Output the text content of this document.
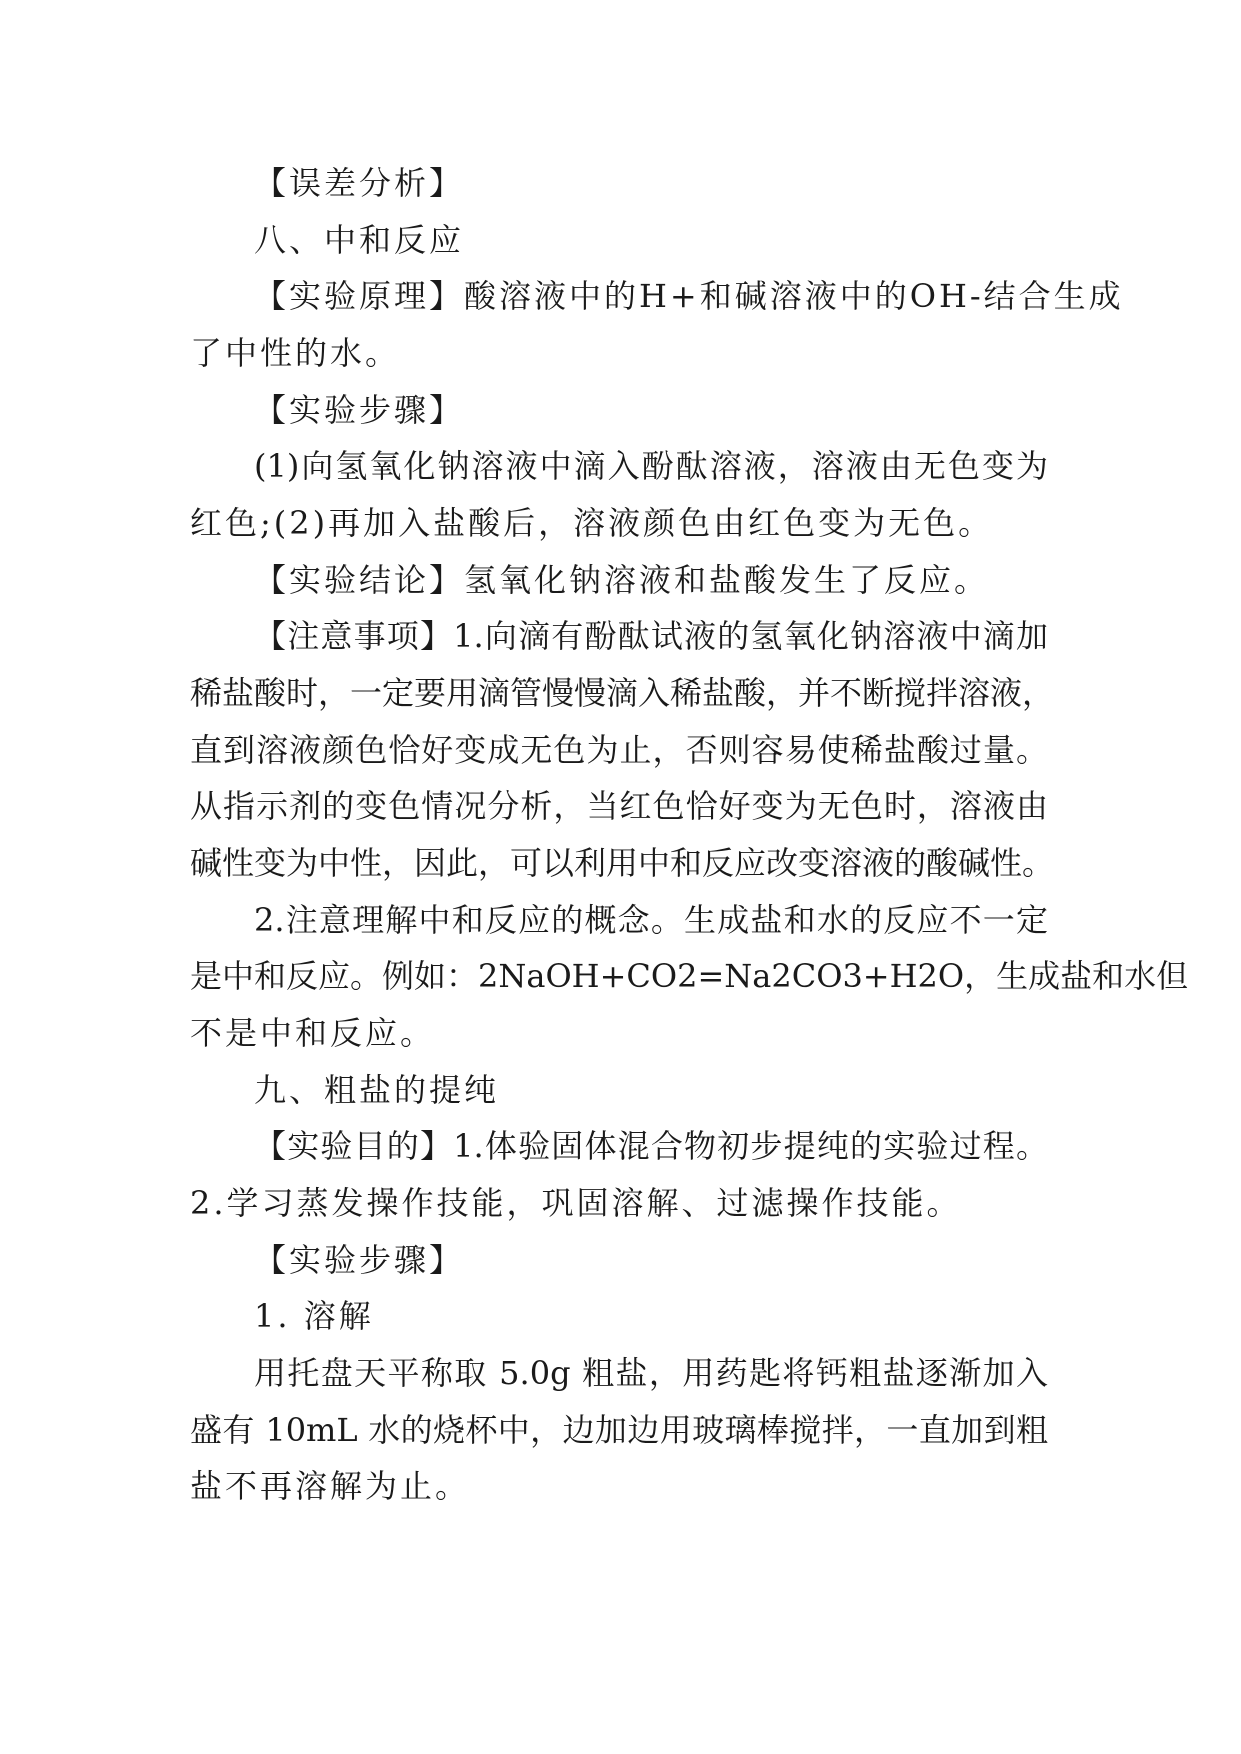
【误差分析】
八、中和反应
【实验原理】酸溶液中的H+和碱溶液中的OH-结合生成
了中性的水。
【实验步骤】
(1)向氢氧化钠溶液中滴入酚酞溶液，溶液由无色变为
红色;(2)再加入盐酸后，溶液颜色由红色变为无色。
【实验结论】氢氧化钠溶液和盐酸发生了反应。
【注意事项】1.向滴有酚酞试液的氢氧化钠溶液中滴加
稀盐酸时，一定要用滴管慢慢滴入稀盐酸，并不断搅拌溶液，
直到溶液颜色恰好变成无色为止，否则容易使稀盐酸过量。
从指示剂的变色情况分析，当红色恰好变为无色时，溶液由
碱性变为中性，因此，可以利用中和反应改变溶液的酸碱性。
2.注意理解中和反应的概念。生成盐和水的反应不一定
是中和反应。例如：2NaOH+CO2=Na2CO3+H2O，生成盐和水但
不是中和反应。
九、粗盐的提纯
【实验目的】1.体验固体混合物初步提纯的实验过程。
2.学习蒸发操作技能，巩固溶解、过滤操作技能。
【实验步骤】
1. 溶解
用托盘天平称取 5.0g 粗盐，用药匙将钙粗盐逐渐加入
盛有 10mL 水的烧杯中，边加边用玻璃棒搅拌，一直加到粗
盐不再溶解为止。
